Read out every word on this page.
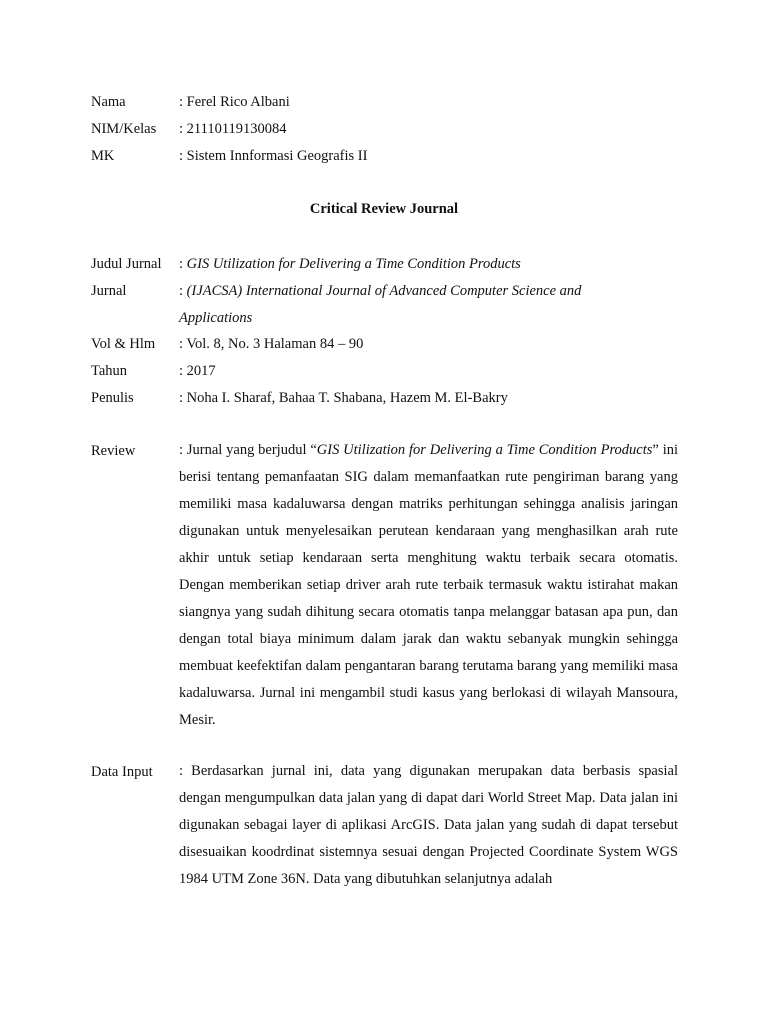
Nama	: Ferel Rico Albani
NIM/Kelas : 21110119130084
MK	: Sistem Innformasi Geografis II
Critical Review Journal
Judul Jurnal : GIS Utilization for Delivering a Time Condition Products
Jurnal	: (IJACSA) International Journal of Advanced Computer Science and
Applications
Vol & Hlm : Vol. 8, No. 3 Halaman 84 – 90
Tahun	: 2017
Penulis	: Noha I. Sharaf, Bahaa T. Shabana, Hazem M. El-Bakry
Review	: Jurnal yang berjudul “GIS Utilization for Delivering a Time Condition Products” ini berisi tentang pemanfaatan SIG dalam memanfaatkan rute pengiriman barang yang memiliki masa kadaluwarsa dengan matriks perhitungan sehingga analisis jaringan digunakan untuk menyelesaikan perutean kendaraan yang menghasilkan arah rute akhir untuk setiap kendaraan serta menghitung waktu terbaik secara otomatis. Dengan memberikan setiap driver arah rute terbaik termasuk waktu istirahat makan siangnya yang sudah dihitung secara otomatis tanpa melanggar batasan apa pun, dan dengan total biaya minimum dalam jarak dan waktu sebanyak mungkin sehingga membuat keefektifan dalam pengantaran barang terutama barang yang memiliki masa kadaluwarsa. Jurnal ini mengambil studi kasus yang berlokasi di wilayah Mansoura, Mesir.
Data Input : Berdasarkan jurnal ini, data yang digunakan merupakan data berbasis spasial dengan mengumpulkan data jalan yang di dapat dari World Street Map. Data jalan ini digunakan sebagai layer di aplikasi ArcGIS. Data jalan yang sudah di dapat tersebut disesuaikan koodrdinat sistemnya sesuai dengan Projected Coordinate System WGS 1984 UTM Zone 36N. Data yang dibutuhkan selanjutnya adalah
